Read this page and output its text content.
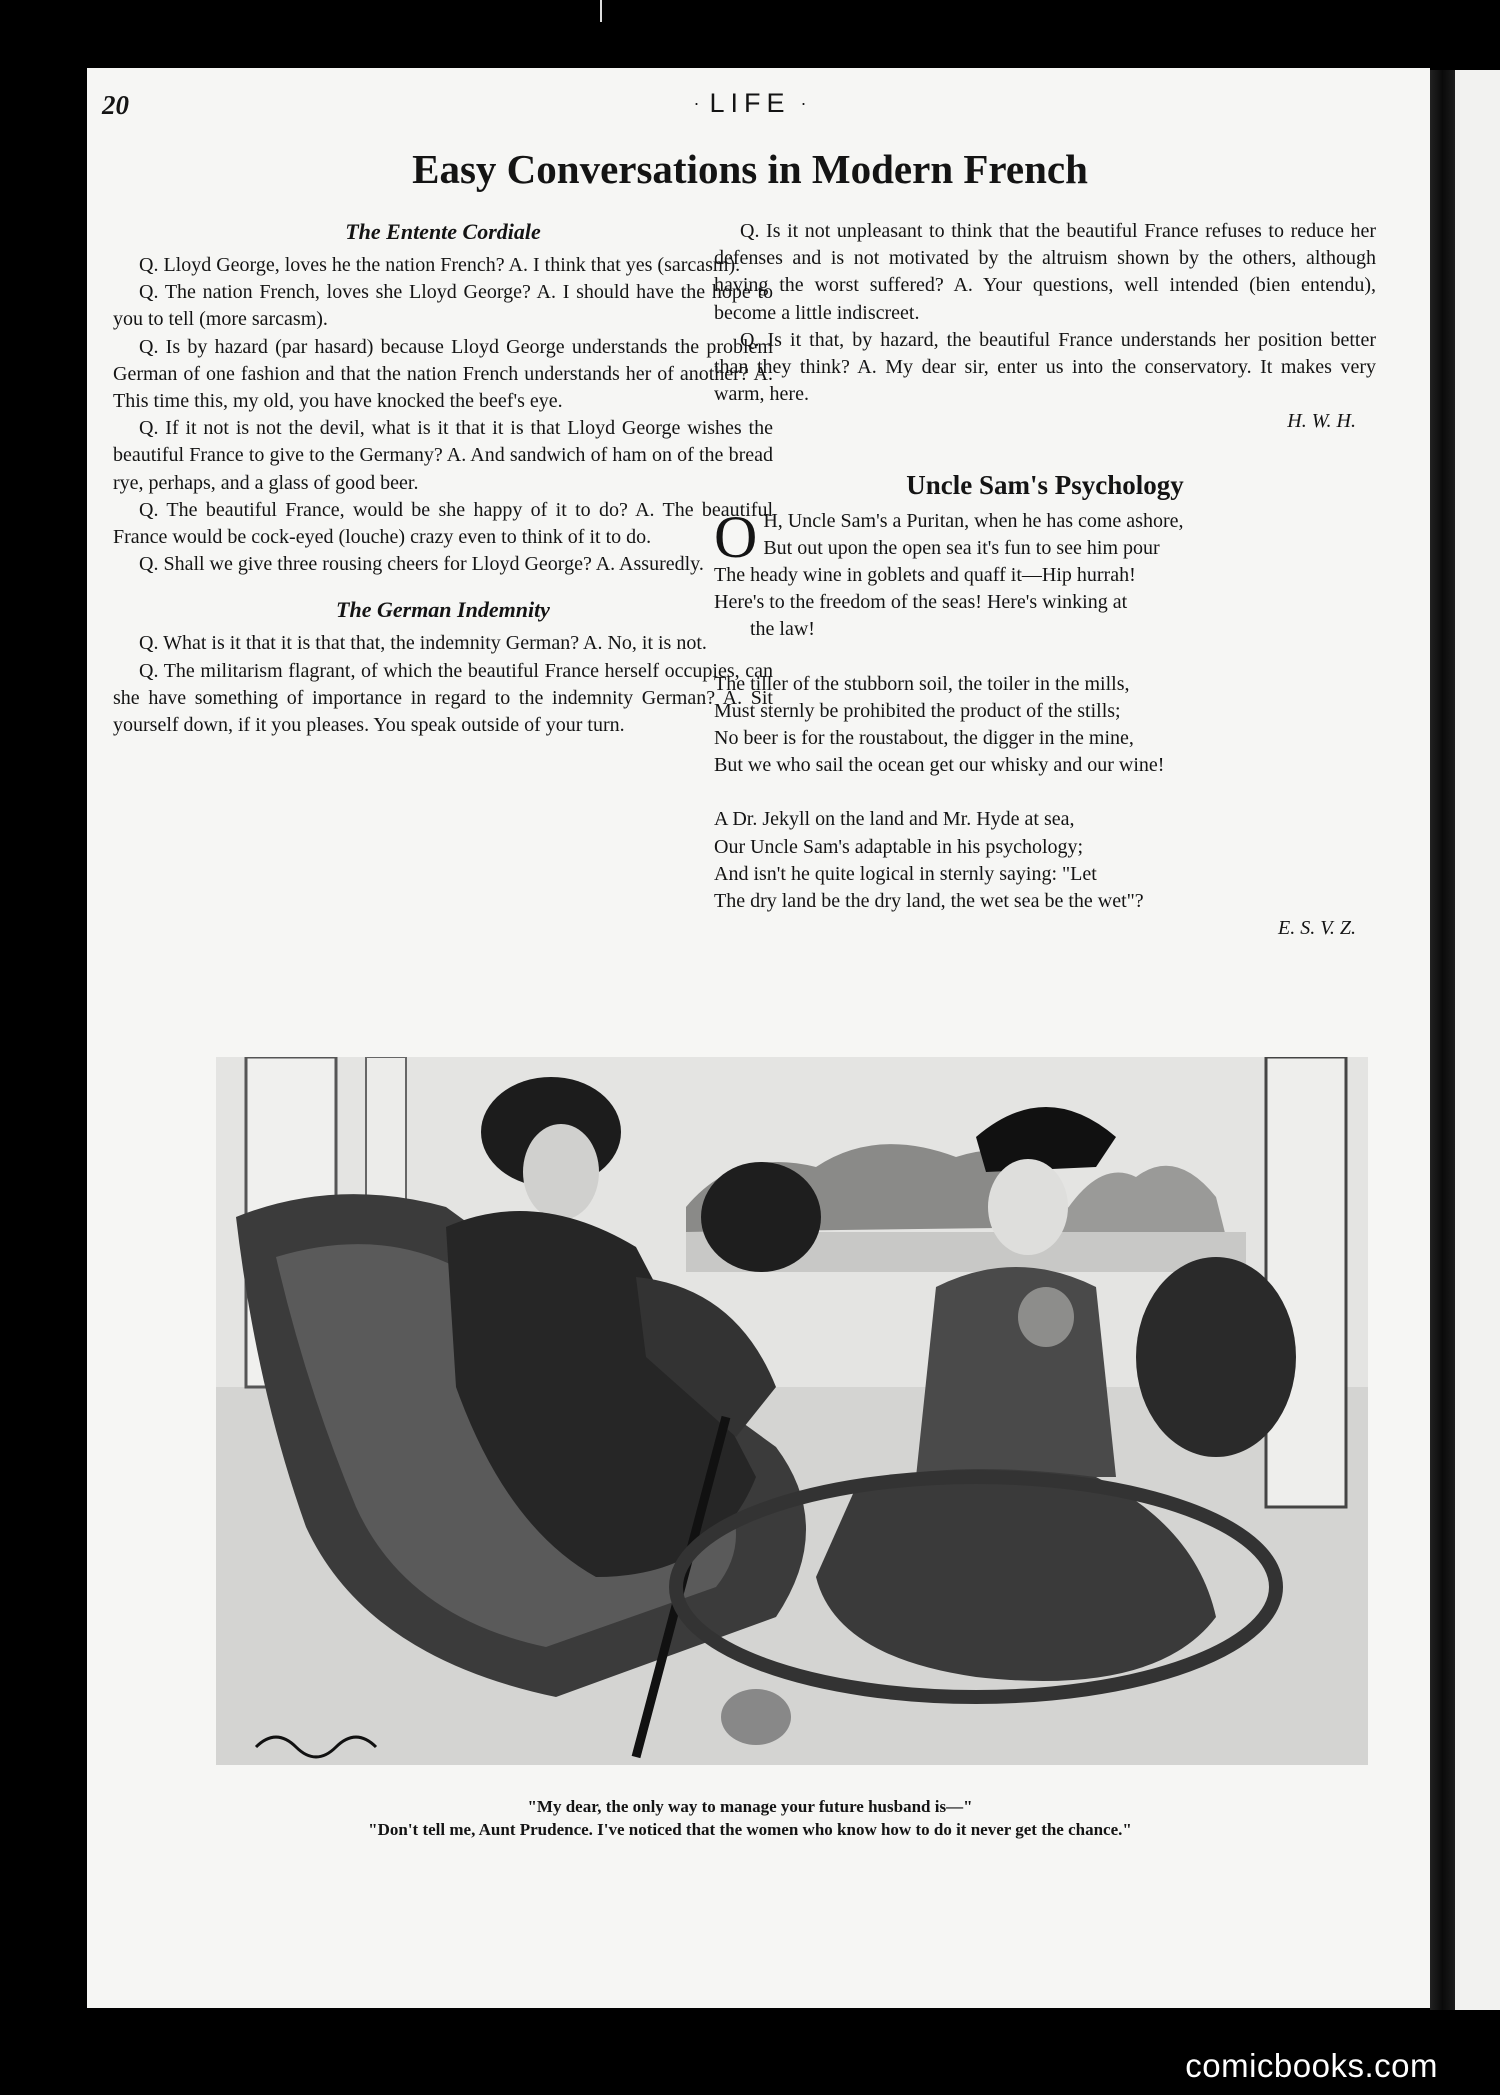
20	· LIFE ·
Easy Conversations in Modern French
The Entente Cordiale

Q. Lloyd George, loves he the nation French? A. I think that yes (sarcasm).

Q. The nation French, loves she Lloyd George? A. I should have the hope to you to tell (more sarcasm).

Q. Is by hazard (par hasard) because Lloyd George understands the problem German of one fashion and that the nation French understands her of another? A. This time this, my old, you have knocked the beef's eye.

Q. If it not is not the devil, what is it that it is that Lloyd George wishes the beautiful France to give to the Germany? A. And sandwich of ham on of the bread rye, perhaps, and a glass of good beer.

Q. The beautiful France, would be she happy of it to do? A. The beautiful France would be cock-eyed (louche) crazy even to think of it to do.

Q. Shall we give three rousing cheers for Lloyd George? A. Assuredly.

The German Indemnity

Q. What is it that it is that that, the indemnity German? A. No, it is not.

Q. The militarism flagrant, of which the beautiful France herself occupies, can she have something of importance in regard to the indemnity German? A. Sit yourself down, if it you pleases. You speak outside of your turn.

Q. Is it not unpleasant to think that the beautiful France refuses to reduce her defenses and is not motivated by the altruism shown by the others, although having the worst suffered? A. Your questions, well intended (bien entendu), become a little indiscreet.

Q. Is it that, by hazard, the beautiful France understands her position better than they think? A. My dear sir, enter us into the conservatory. It makes very warm, here.

H. W. H.
Uncle Sam's Psychology
O H, Uncle Sam's a Puritan, when he has come ashore,
But out upon the open sea it's fun to see him pour
The heady wine in goblets and quaff it—Hip hurrah!
Here's to the freedom of the seas! Here's winking at
the law!
The tiller of the stubborn soil, the toiler in the mills,
Must sternly be prohibited the product of the stills;
No beer is for the roustabout, the digger in the mine,
But we who sail the ocean get our whisky and our wine!
A Dr. Jekyll on the land and Mr. Hyde at sea,
Our Uncle Sam's adaptable in his psychology;
And isn't he quite logical in sternly saying: "Let
The dry land be the dry land, the wet sea be the wet"?
E. S. V. Z.
"My dear, the only way to manage your future husband is—"
"Don't tell me, Aunt Prudence. I've noticed that the women who know how to do it never get the chance."
comicbooks.com
